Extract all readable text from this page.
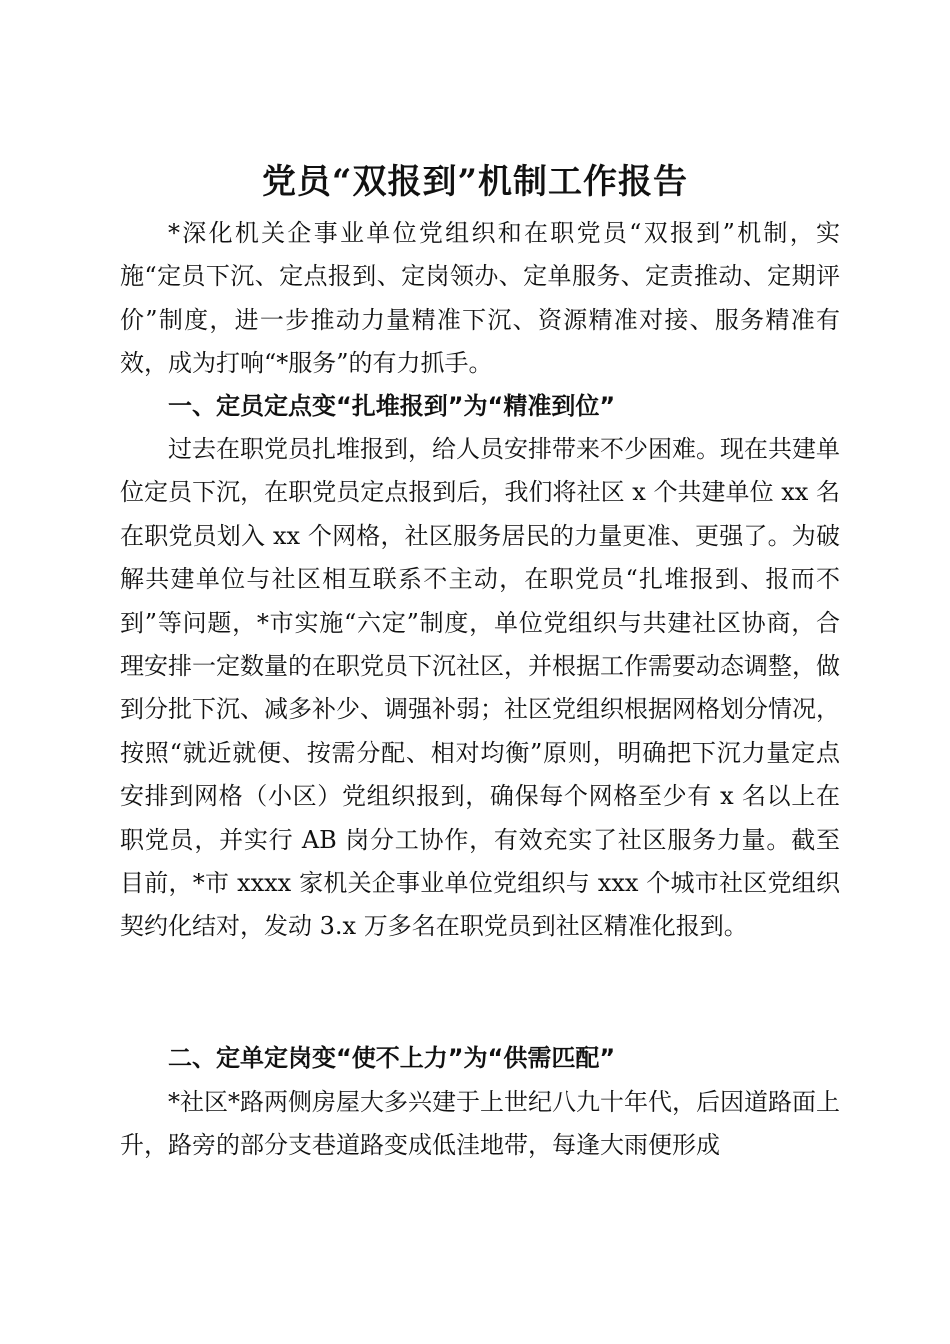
党员“双报到”机制工作报告

*深化机关企事业单位党组织和在职党员“双报到”机制，实施“定员下沉、定点报到、定岗领办、定单服务、定责推动、定期评价”制度，进一步推动力量精准下沉、资源精准对接、服务精准有效，成为打响“*服务”的有力抓手。

一、定员定点变“扎堆报到”为“精准到位”

过去在职党员扎堆报到，给人员安排带来不少困难。现在共建单位定员下沉，在职党员定点报到后，我们将社区 x 个共建单位 xx 名在职党员划入 xx 个网格，社区服务居民的力量更准、更强了。为破解共建单位与社区相互联系不主动，在职党员“扎堆报到、报而不到”等问题，*市实施“六定”制度，单位党组织与共建社区协商，合理安排一定数量的在职党员下沉社区，并根据工作需要动态调整，做到分批下沉、减多补少、调强补弱；社区党组织根据网格划分情况，按照“就近就便、按需分配、相对均衡”原则，明确把下沉力量定点安排到网格（小区）党组织报到，确保每个网格至少有 x 名以上在职党员，并实行 AB 岗分工协作，有效充实了社区服务力量。截至目前，*市 xxxx 家机关企事业单位党组织与 xxx 个城市社区党组织契约化结对，发动 3.x 万多名在职党员到社区精准化报到。

二、定单定岗变“使不上力”为“供需匹配”

*社区*路两侧房屋大多兴建于上世纪八九十年代，后因道路面上升，路旁的部分支巷道路变成低洼地带，每逢大雨便形成
